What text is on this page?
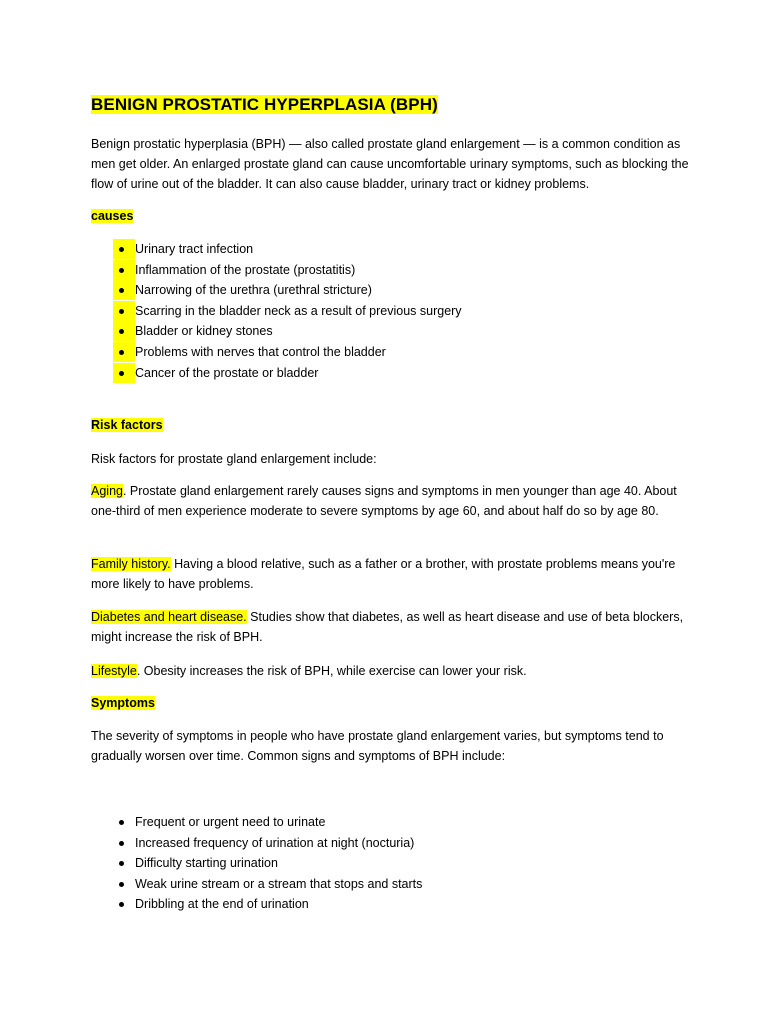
BENIGN PROSTATIC HYPERPLASIA (BPH)

Benign prostatic hyperplasia (BPH) — also called prostate gland enlargement — is a common condition as men get older. An enlarged prostate gland can cause uncomfortable urinary symptoms, such as blocking the flow of urine out of the bladder. It can also cause bladder, urinary tract or kidney problems.

causes
Urinary tract infection
Inflammation of the prostate (prostatitis)
Narrowing of the urethra (urethral stricture)
Scarring in the bladder neck as a result of previous surgery
Bladder or kidney stones
Problems with nerves that control the bladder
Cancer of the prostate or bladder
Risk factors

Risk factors for prostate gland enlargement include:

Aging. Prostate gland enlargement rarely causes signs and symptoms in men younger than age 40. About one-third of men experience moderate to severe symptoms by age 60, and about half do so by age 80.

Family history. Having a blood relative, such as a father or a brother, with prostate problems means you're more likely to have problems.

Diabetes and heart disease. Studies show that diabetes, as well as heart disease and use of beta blockers, might increase the risk of BPH.

Lifestyle. Obesity increases the risk of BPH, while exercise can lower your risk.

Symptoms

The severity of symptoms in people who have prostate gland enlargement varies, but symptoms tend to gradually worsen over time. Common signs and symptoms of BPH include:

Frequent or urgent need to urinate
Increased frequency of urination at night (nocturia)
Difficulty starting urination
Weak urine stream or a stream that stops and starts
Dribbling at the end of urination
